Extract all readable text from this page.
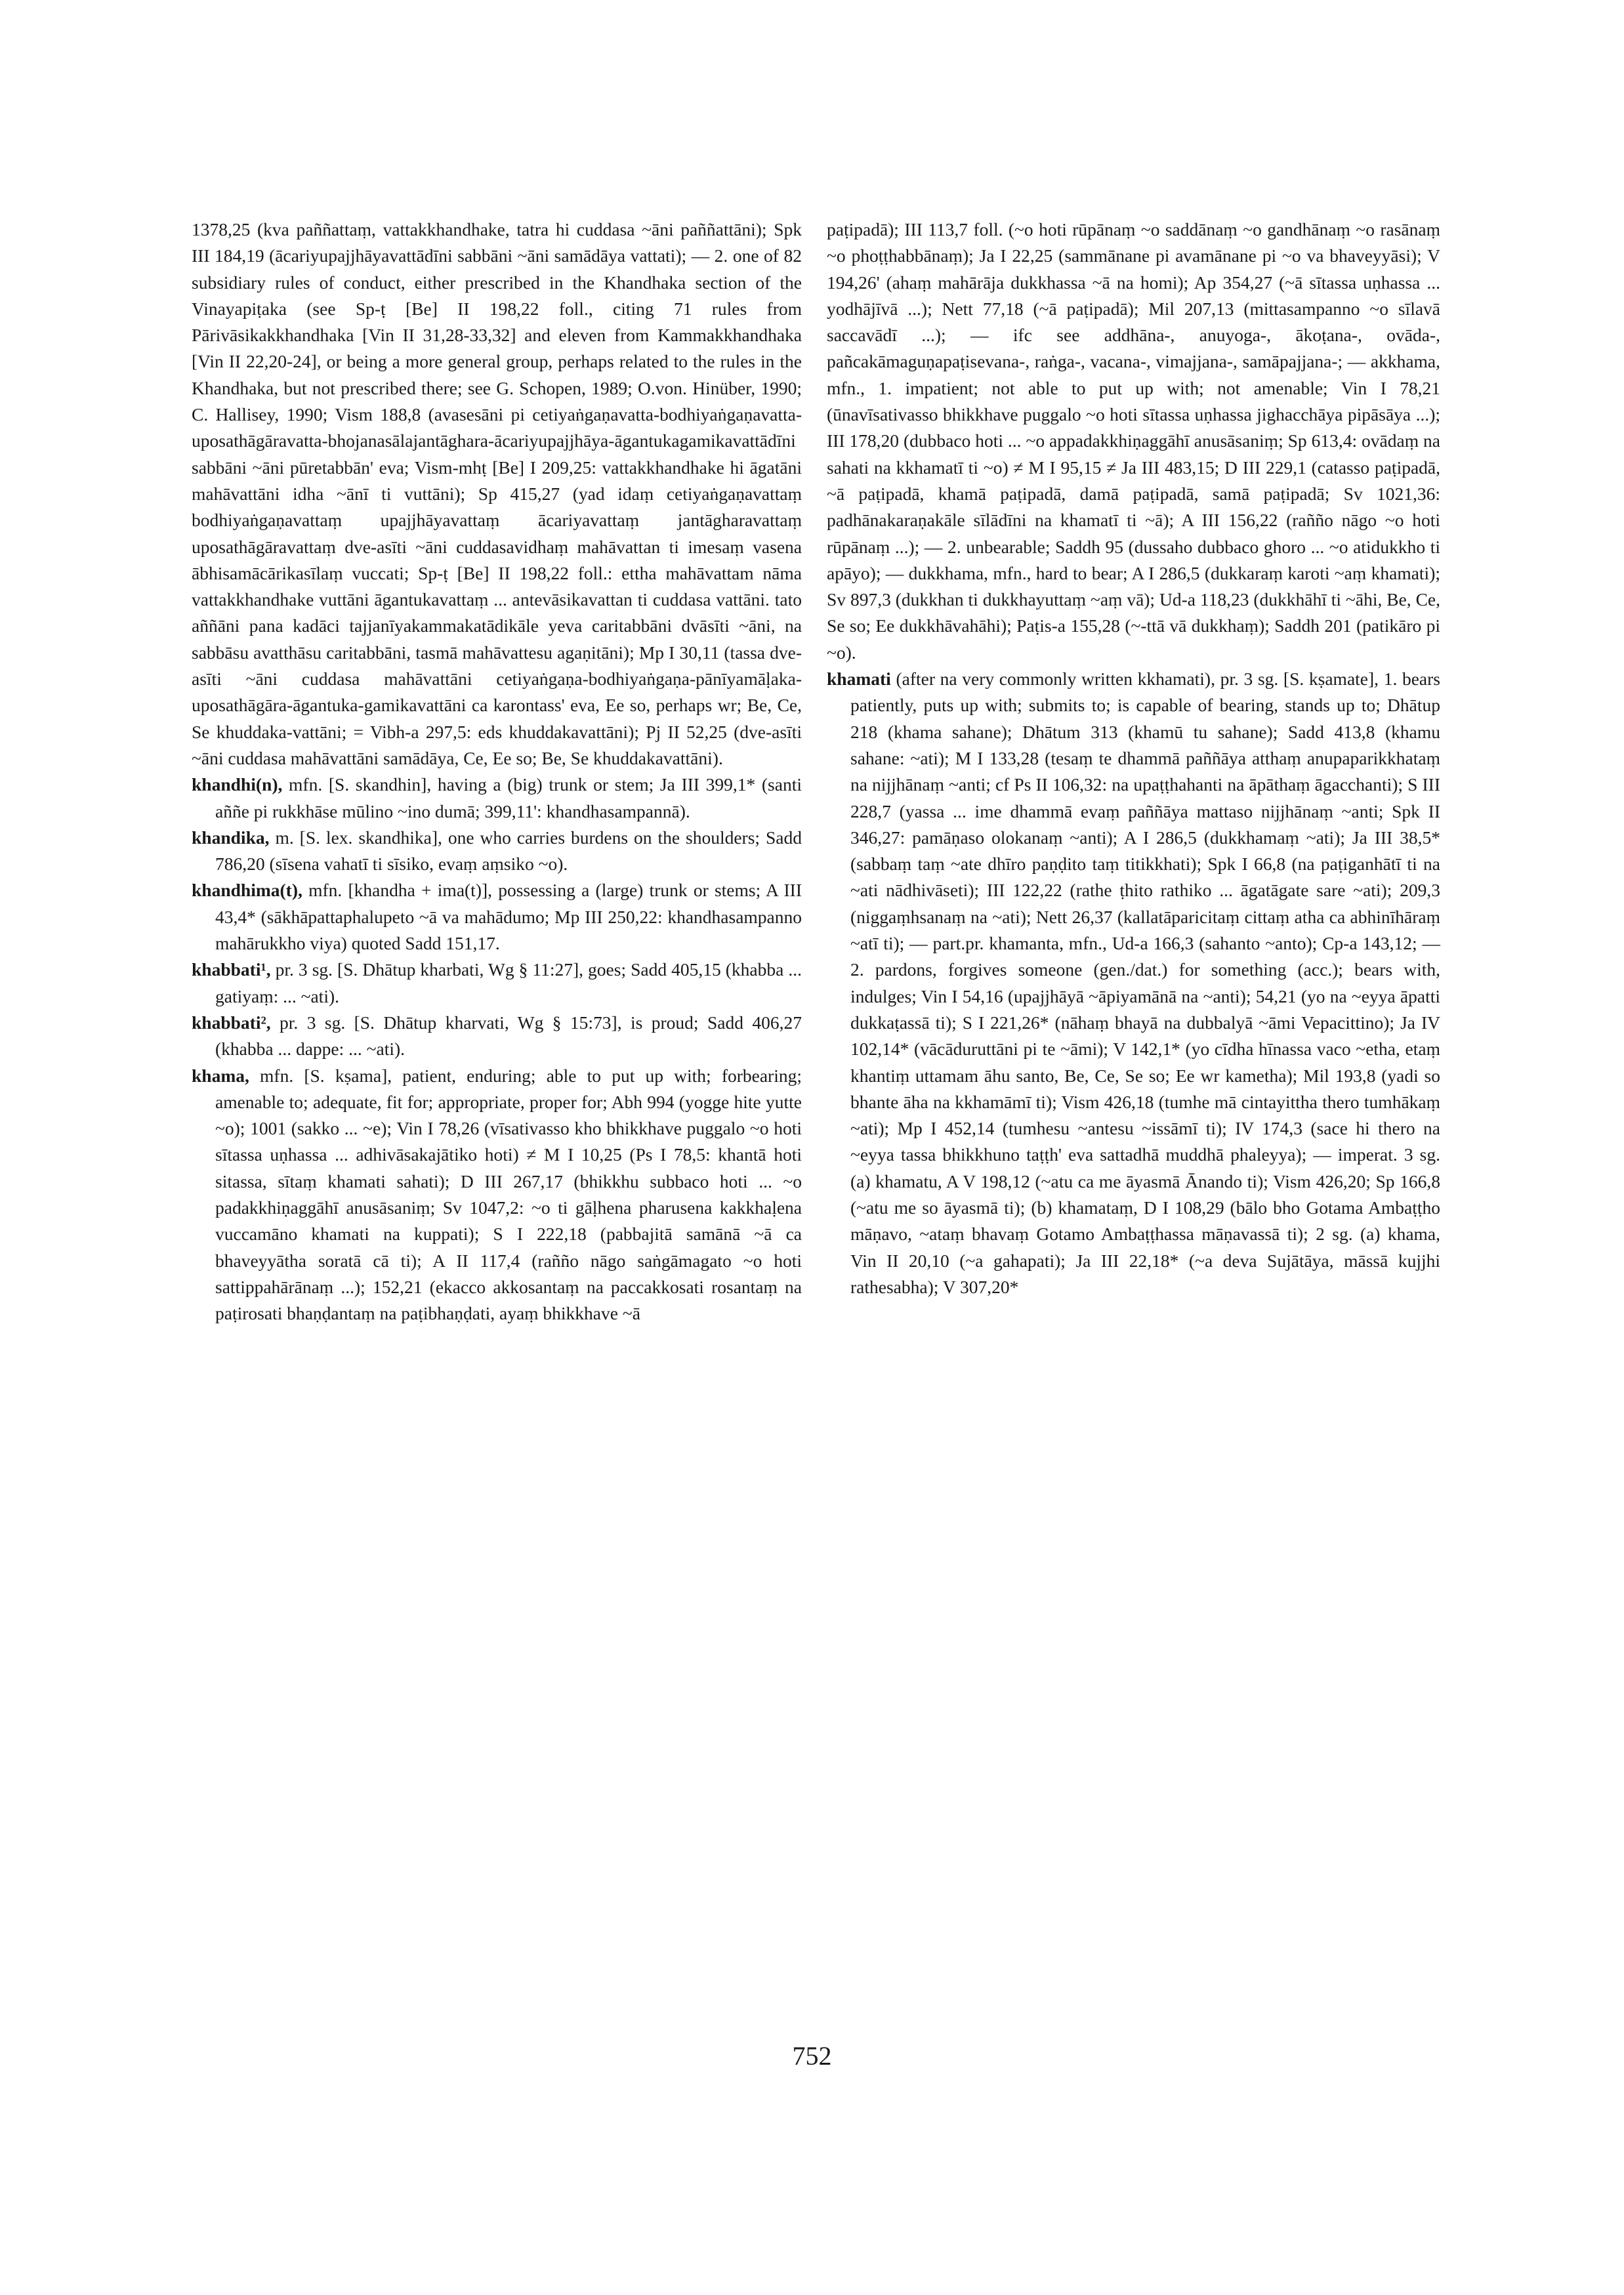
1378,25 (kva paññattaṃ, vattakkhandhake, tatra hi cuddasa ~āni paññattāni); Spk III 184,19 (ācariyupajjhāyavattādīni sabbāni ~āni samādāya vattati); — 2. one of 82 subsidiary rules of conduct, either prescribed in the Khandhaka section of the Vinayapiṭaka (see Sp-ṭ [Be] II 198,22 foll., citing 71 rules from Pārivāsikakkhandhaka [Vin II 31,28-33,32] and eleven from Kammakkhandhaka [Vin II 22,20-24], or being a more general group, perhaps related to the rules in the Khandhaka, but not prescribed there; see G. Schopen, 1989; O.von. Hinüber, 1990; C. Hallisey, 1990; Vism 188,8 (avasesāni pi cetiyaṅgaṇavatta-bodhiyaṅgaṇavatta-uposathāgāravatta-bhojanasālajantāghara-ācariyupajjhāya-āgantukagamikavattādīni sabbāni ~āni pūretabbān' eva; Vism-mhṭ [Be] I 209,25: vattakkhandhake hi āgatāni mahāvattāni idha ~ānī ti vuttāni); Sp 415,27 (yad idaṃ cetiyaṅgaṇavattaṃ bodhiyaṅgaṇavattaṃ upajjhāyavattaṃ ācariyavattaṃ jantāgharavattaṃ uposathāgāravattaṃ dve-asīti ~āni cuddasavidhaṃ mahāvattan ti imesaṃ vasena ābhisamācārikasīlaṃ vuccati; Sp-ṭ [Be] II 198,22 foll.: ettha mahāvattam nāma vattakkhandhake vuttāni āgantukavattaṃ ... antevāsikavattan ti cuddasa vattāni. tato aññāni pana kadāci tajjanīyakammakatādikāle yeva caritabbāni dvāsīti ~āni, na sabbāsu avatthāsu caritabbāni, tasmā mahāvattesu agaṇitāni); Mp I 30,11 (tassa dve-asīti ~āni cuddasa mahāvattāni cetiyaṅgaṇa-bodhiyaṅgaṇa-pānīyamāḷaka-uposathāgāra-āgantuka-gamikavattāni ca karontass' eva, Ee so, perhaps wr; Be, Ce, Se khuddaka-vattāni; = Vibh-a 297,5: eds khuddakavattāni); Pj II 52,25 (dve-asīti ~āni cuddasa mahāvattāni samādāya, Ce, Ee so; Be, Se khuddakavattāni).

khandhi(n), mfn. [S. skandhin], having a (big) trunk or stem; Ja III 399,1* (santi aññe pi rukkhāse mūlino ~ino dumā; 399,11': khandhasampannā).

khandika, m. [S. lex. skandhika], one who carries burdens on the shoulders; Sadd 786,20 (sīsena vahatī ti sīsiko, evaṃ aṃsiko ~o).

khandhima(t), mfn. [khandha + ima(t)], possessing a (large) trunk or stems; A III 43,4* (sākhāpattaphalupeto ~ā va mahādumo; Mp III 250,22: khandhasampanno mahārukkho viya) quoted Sadd 151,17.

khabbati¹, pr. 3 sg. [S. Dhātup kharbati, Wg § 11:27], goes; Sadd 405,15 (khabba ... gatiyaṃ: ... ~ati).

khabbati², pr. 3 sg. [S. Dhātup kharvati, Wg § 15:73], is proud; Sadd 406,27 (khabba ... dappe: ... ~ati).

khama, mfn. [S. kṣama], patient, enduring; able to put up with; forbearing; amenable to; adequate, fit for; appropriate, proper for; Abh 994 (yogge hite yutte ~o); 1001 (sakko ... ~e); Vin I 78,26 (vīsativasso kho bhikkhave puggalo ~o hoti sītassa uṇhassa ... adhivāsakajātiko hoti) ≠ M I 10,25 (Ps I 78,5: khantā hoti sitassa, sītaṃ khamati sahati); D III 267,17 (bhikkhu subbaco hoti ... ~o padakkhiṇaggāhī anusāsaniṃ; Sv 1047,2: ~o ti gāḷhena pharusena kakkhaḷena vuccamāno khamati na kuppati); S I 222,18 (pabbajitā samānā ~ā ca bhaveyyātha soratā cā ti); A II 117,4 (rañño nāgo saṅgāmagato ~o hoti sattippahārānaṃ ...); 152,21 (ekacco akkosantaṃ na paccakkosati rosantaṃ na paṭirosati bhaṇḍantaṃ na paṭibhaṇḍati, ayaṃ bhikkhave ~ā

paṭipadā); III 113,7 foll. (~o hoti rūpānaṃ ~o saddānaṃ ~o gandhānaṃ ~o rasānaṃ ~o phoṭṭhabbānaṃ); Ja I 22,25 (sammānane pi avamānane pi ~o va bhaveyyāsi); V 194,26' (ahaṃ mahārāja dukkhassa ~ā na homi); Ap 354,27 (~ā sītassa uṇhassa ... yodhājīvā ...); Nett 77,18 (~ā paṭipadā); Mil 207,13 (mittasampanno ~o sīlavā saccavādī ...); — ifc see addhāna-, anuyoga-, ākoṭana-, ovāda-, pañcakāmaguṇapaṭisevana-, raṅga-, vacana-, vimajjana-, samāpajjana-; — akkhama, mfn., 1. impatient; not able to put up with; not amenable; Vin I 78,21 (ūnavīsativasso bhikkhave puggalo ~o hoti sītassa uṇhassa jighacchāya pipāsāya ...); III 178,20 (dubbaco hoti ... ~o appadakkhiṇaggāhī anusāsaniṃ; Sp 613,4: ovādaṃ na sahati na kkhamatī ti ~o) ≠ M I 95,15 ≠ Ja III 483,15; D III 229,1 (catasso paṭipadā, ~ā paṭipadā, khamā paṭipadā, damā paṭipadā, samā paṭipadā; Sv 1021,36: padhānakaraṇakāle sīlādīni na khamatī ti ~ā); A III 156,22 (rañño nāgo ~o hoti rūpānaṃ ...); — 2. unbearable; Saddh 95 (dussaho dubbaco ghoro ... ~o atidukkho ti apāyo); — dukkhama, mfn., hard to bear; A I 286,5 (dukkaraṃ karoti ~aṃ khamati); Sv 897,3 (dukkhan ti dukkhayuttaṃ ~aṃ vā); Ud-a 118,23 (dukkhāhī ti ~āhi, Be, Ce, Se so; Ee dukkhāvahāhi); Paṭis-a 155,28 (~-ttā vā dukkhaṃ); Saddh 201 (patikāro pi ~o).

khamati (after na very commonly written kkhamati), pr. 3 sg. [S. kṣamate], 1. bears patiently, puts up with; submits to; is capable of bearing, stands up to; Dhātup 218 (khama sahane); Dhātum 313 (khamū tu sahane); Sadd 413,8 (khamu sahane: ~ati); M I 133,28 (tesaṃ te dhammā paññāya atthaṃ anupaparikkhataṃ na nijjhānaṃ ~anti; cf Ps II 106,32: na upaṭṭhahanti na āpāthaṃ āgacchanti); S III 228,7 (yassa ... ime dhammā evaṃ paññāya mattaso nijjhānaṃ ~anti; Spk II 346,27: pamāṇaso olokanaṃ ~anti); A I 286,5 (dukkhamaṃ ~ati); Ja III 38,5* (sabbaṃ taṃ ~ate dhīro paṇḍito taṃ titikkhati); Spk I 66,8 (na paṭiganhātī ti na ~ati nādhivāseti); III 122,22 (rathe ṭhito rathiko ... āgatāgate sare ~ati); 209,3 (niggaṃhsanaṃ na ~ati); Nett 26,37 (kallatāparicitaṃ cittaṃ atha ca abhinīhāraṃ ~atī ti); — part.pr. khamanta, mfn., Ud-a 166,3 (sahanto ~anto); Cp-a 143,12; — 2. pardons, forgives someone (gen./dat.) for something (acc.); bears with, indulges; Vin I 54,16 (upajjhāyā ~āpiyamānā na ~anti); 54,21 (yo na ~eyya āpatti dukkaṭassā ti); S I 221,26* (nāhaṃ bhayā na dubbalyā ~āmi Vepacittino); Ja IV 102,14* (vācāduruttāni pi te ~āmi); V 142,1* (yo cīdha hīnassa vaco ~etha, etaṃ khantiṃ uttamam āhu santo, Be, Ce, Se so; Ee wr kametha); Mil 193,8 (yadi so bhante āha na kkhamāmī ti); Vism 426,18 (tumhe mā cintayittha thero tumhākaṃ ~ati); Mp I 452,14 (tumhesu ~antesu ~issāmī ti); IV 174,3 (sace hi thero na ~eyya tassa bhikkhuno taṭṭh' eva sattadhā muddhā phaleyya); — imperat. 3 sg. (a) khamatu, A V 198,12 (~atu ca me āyasmā Ānando ti); Vism 426,20; Sp 166,8 (~atu me so āyasmā ti); (b) khamataṃ, D I 108,29 (bālo bho Gotama Ambaṭṭho māṇavo, ~ataṃ bhavaṃ Gotamo Ambaṭṭhassa māṇavassā ti); 2 sg. (a) khama, Vin II 20,10 (~a gahapati); Ja III 22,18* (~a deva Sujātāya, māssā kujjhi rathesabha); V 307,20*

752
